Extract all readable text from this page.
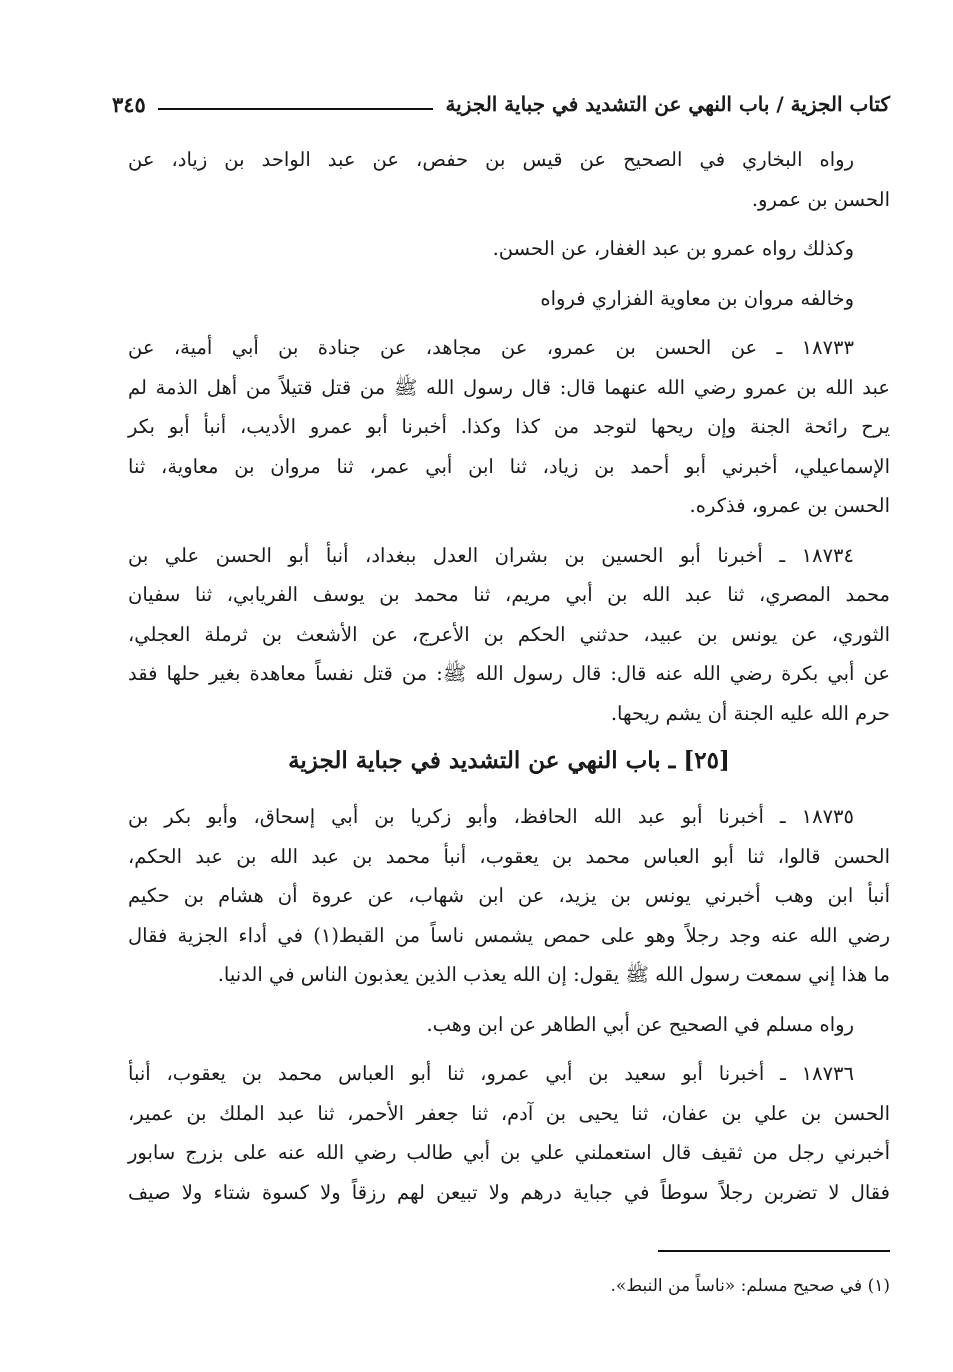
كتاب الجزية / باب النهي عن التشديد في جباية الجزية
٣٤٥

رواه البخاري في الصحيح عن قيس بن حفص، عن عبد الواحد بن زياد، عن
الحسن بن عمرو.

وكذلك رواه عمرو بن عبد الغفار، عن الحسن.

وخالفه مروان بن معاوية الفزاري فرواه

١٨٧٣٣ ـ عن الحسن بن عمرو، عن مجاهد، عن جنادة بن أبي أمية، عن
عبد الله بن عمرو رضي الله عنهما قال: قال رسول الله ﷺ من قتل قتيلاً من أهل الذمة لم
يرح رائحة الجنة وإن ريحها لتوجد من كذا وكذا. أخبرنا أبو عمرو الأديب، أنبأ أبو بكر
الإسماعيلي، أخبرني أبو أحمد بن زياد، ثنا ابن أبي عمر، ثنا مروان بن معاوية، ثنا
الحسن بن عمرو، فذكره.

١٨٧٣٤ ـ أخبرنا أبو الحسين بن بشران العدل ببغداد، أنبأ أبو الحسن علي بن
محمد المصري، ثنا عبد الله بن أبي مريم، ثنا محمد بن يوسف الفريابي، ثنا سفيان
الثوري، عن يونس بن عبيد، حدثني الحكم بن الأعرج، عن الأشعث بن ثرملة العجلي،
عن أبي بكرة رضي الله عنه قال: قال رسول الله ﷺ: من قتل نفساً معاهدة بغير حلها فقد
حرم الله عليه الجنة أن يشم ريحها.

[٢٥] ـ باب النهي عن التشديد في جباية الجزية

١٨٧٣٥ ـ أخبرنا أبو عبد الله الحافظ، وأبو زكريا بن أبي إسحاق، وأبو بكر بن
الحسن قالوا، ثنا أبو العباس محمد بن يعقوب، أنبأ محمد بن عبد الله بن عبد الحكم،
أنبأ ابن وهب أخبرني يونس بن يزيد، عن ابن شهاب، عن عروة أن هشام بن حكيم
رضي الله عنه وجد رجلاً وهو على حمص يشمس ناساً من القبط(١) في أداء الجزية فقال
ما هذا إني سمعت رسول الله ﷺ يقول: إن الله يعذب الذين يعذبون الناس في الدنيا.

رواه مسلم في الصحيح عن أبي الطاهر عن ابن وهب.

١٨٧٣٦ ـ أخبرنا أبو سعيد بن أبي عمرو، ثنا أبو العباس محمد بن يعقوب، أنبأ
الحسن بن علي بن عفان، ثنا يحيى بن آدم، ثنا جعفر الأحمر، ثنا عبد الملك بن عمير،
أخبرني رجل من ثقيف قال استعملني علي بن أبي طالب رضي الله عنه على بزرج سابور
فقال لا تضربن رجلاً سوطاً في جباية درهم ولا تبيعن لهم رزقاً ولا كسوة شتاء ولا صيف

(١) في صحيح مسلم: «ناساً من النبط».
